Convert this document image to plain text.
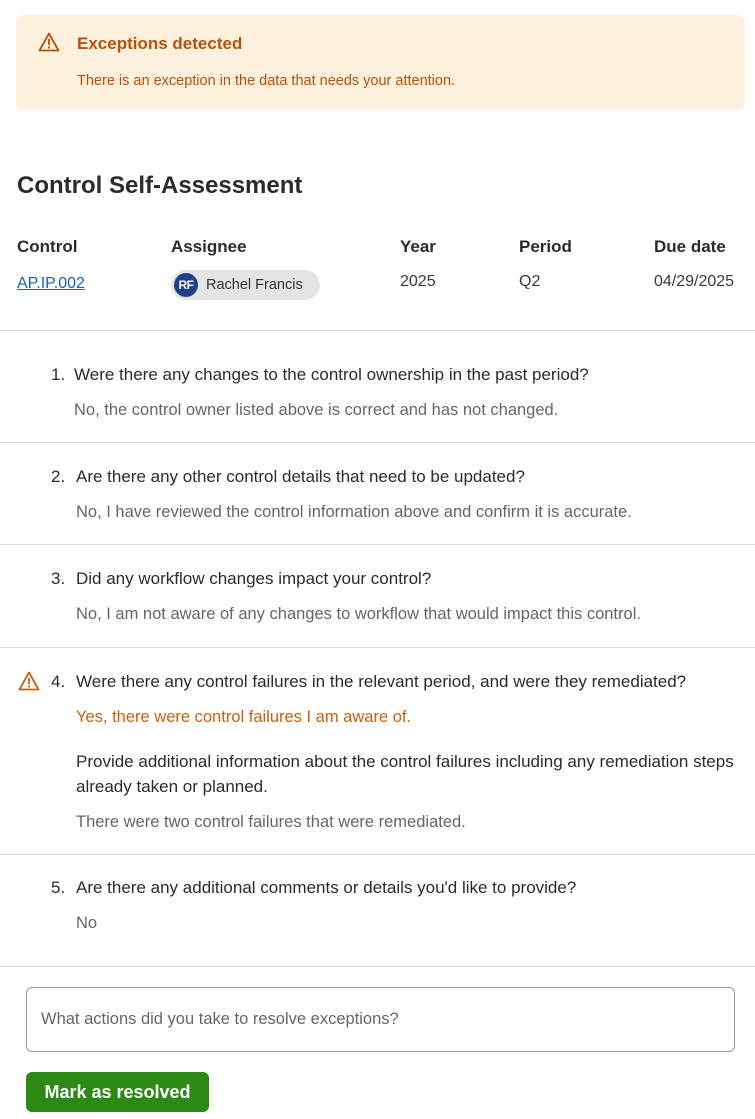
Exceptions detected
There is an exception in the data that needs your attention.
Control Self-Assessment
Control
AP.IP.002
Assignee
RF Rachel Francis
Year
2025
Period
Q2
Due date
04/29/2025
1. Were there any changes to the control ownership in the past period?
No, the control owner listed above is correct and has not changed.
2. Are there any other control details that need to be updated?
No, I have reviewed the control information above and confirm it is accurate.
3. Did any workflow changes impact your control?
No, I am not aware of any changes to workflow that would impact this control.
4. Were there any control failures in the relevant period, and were they remediated?
Yes, there were control failures I am aware of.
Provide additional information about the control failures including any remediation steps already taken or planned.
There were two control failures that were remediated.
5. Are there any additional comments or details you'd like to provide?
No
What actions did you take to resolve exceptions?
Mark as resolved
